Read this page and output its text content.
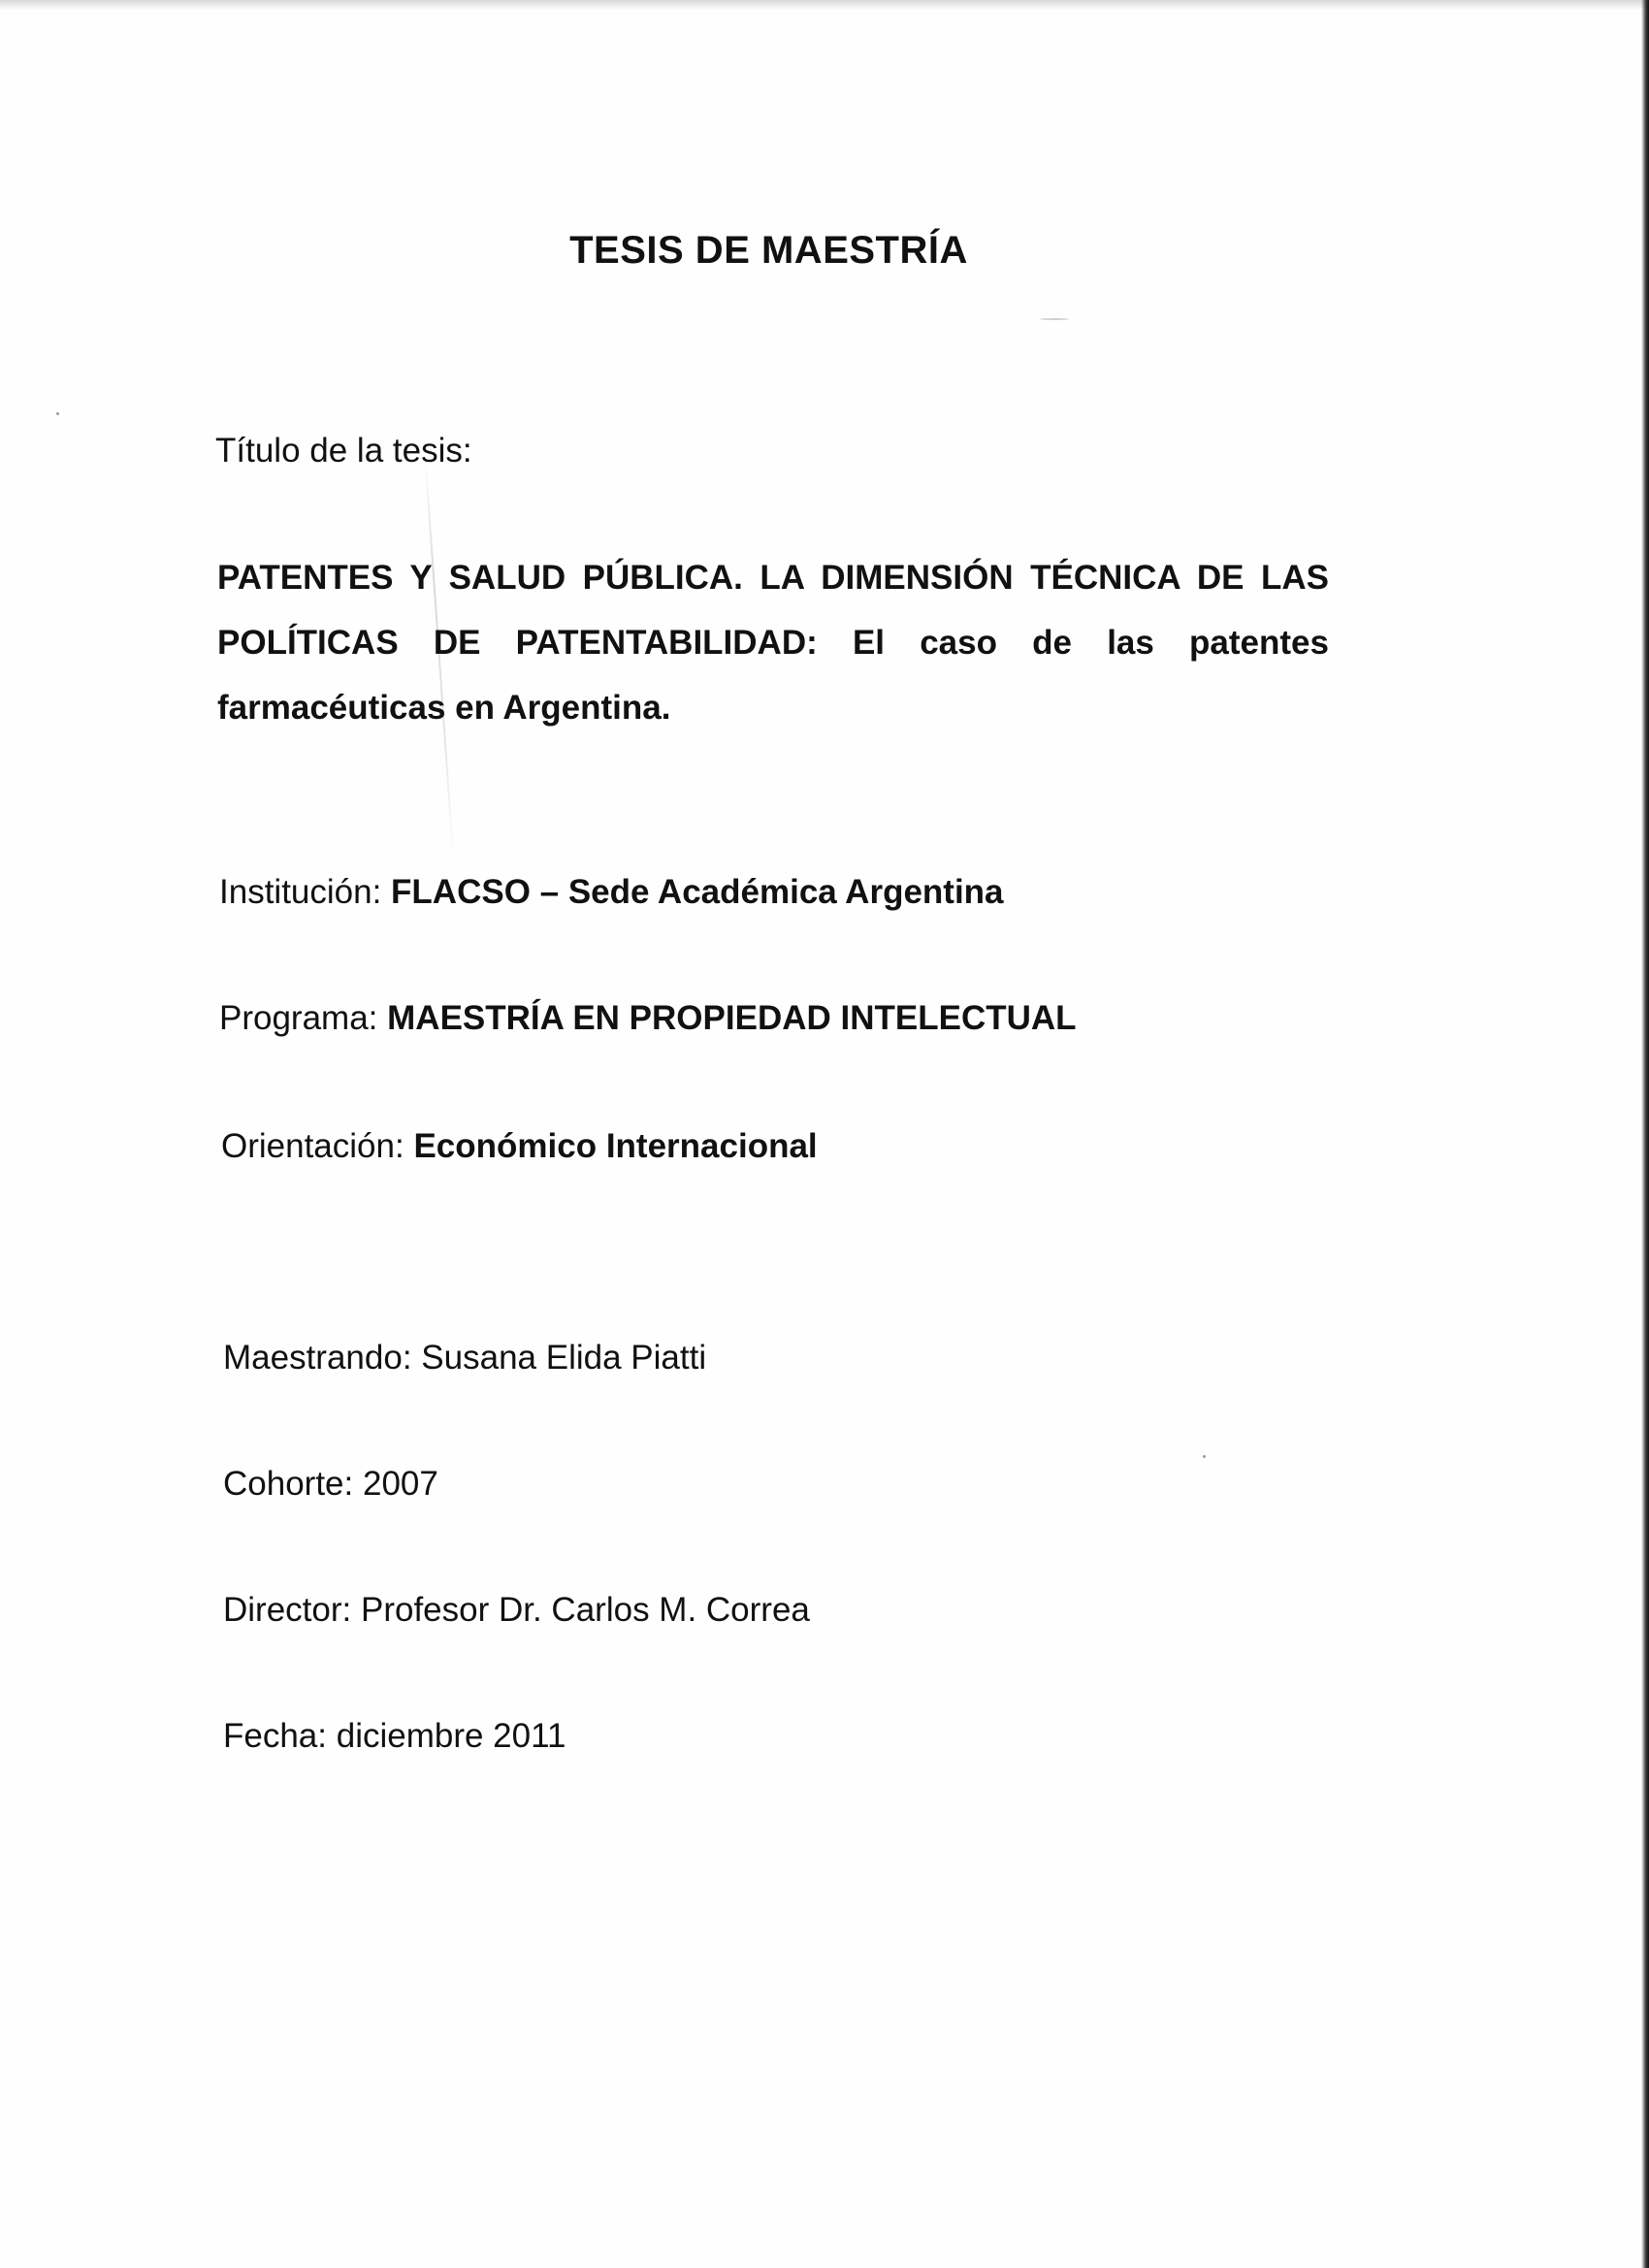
TESIS DE MAESTRÍA
Título de la tesis:
PATENTES Y SALUD PÚBLICA. LA DIMENSIÓN TÉCNICA DE LAS POLÍTICAS DE PATENTABILIDAD: El caso de las patentes farmacéuticas en Argentina.
Institución: FLACSO – Sede Académica Argentina
Programa: MAESTRÍA EN PROPIEDAD INTELECTUAL
Orientación: Económico Internacional
Maestrando: Susana Elida Piatti
Cohorte: 2007
Director: Profesor Dr. Carlos M. Correa
Fecha: diciembre 2011
